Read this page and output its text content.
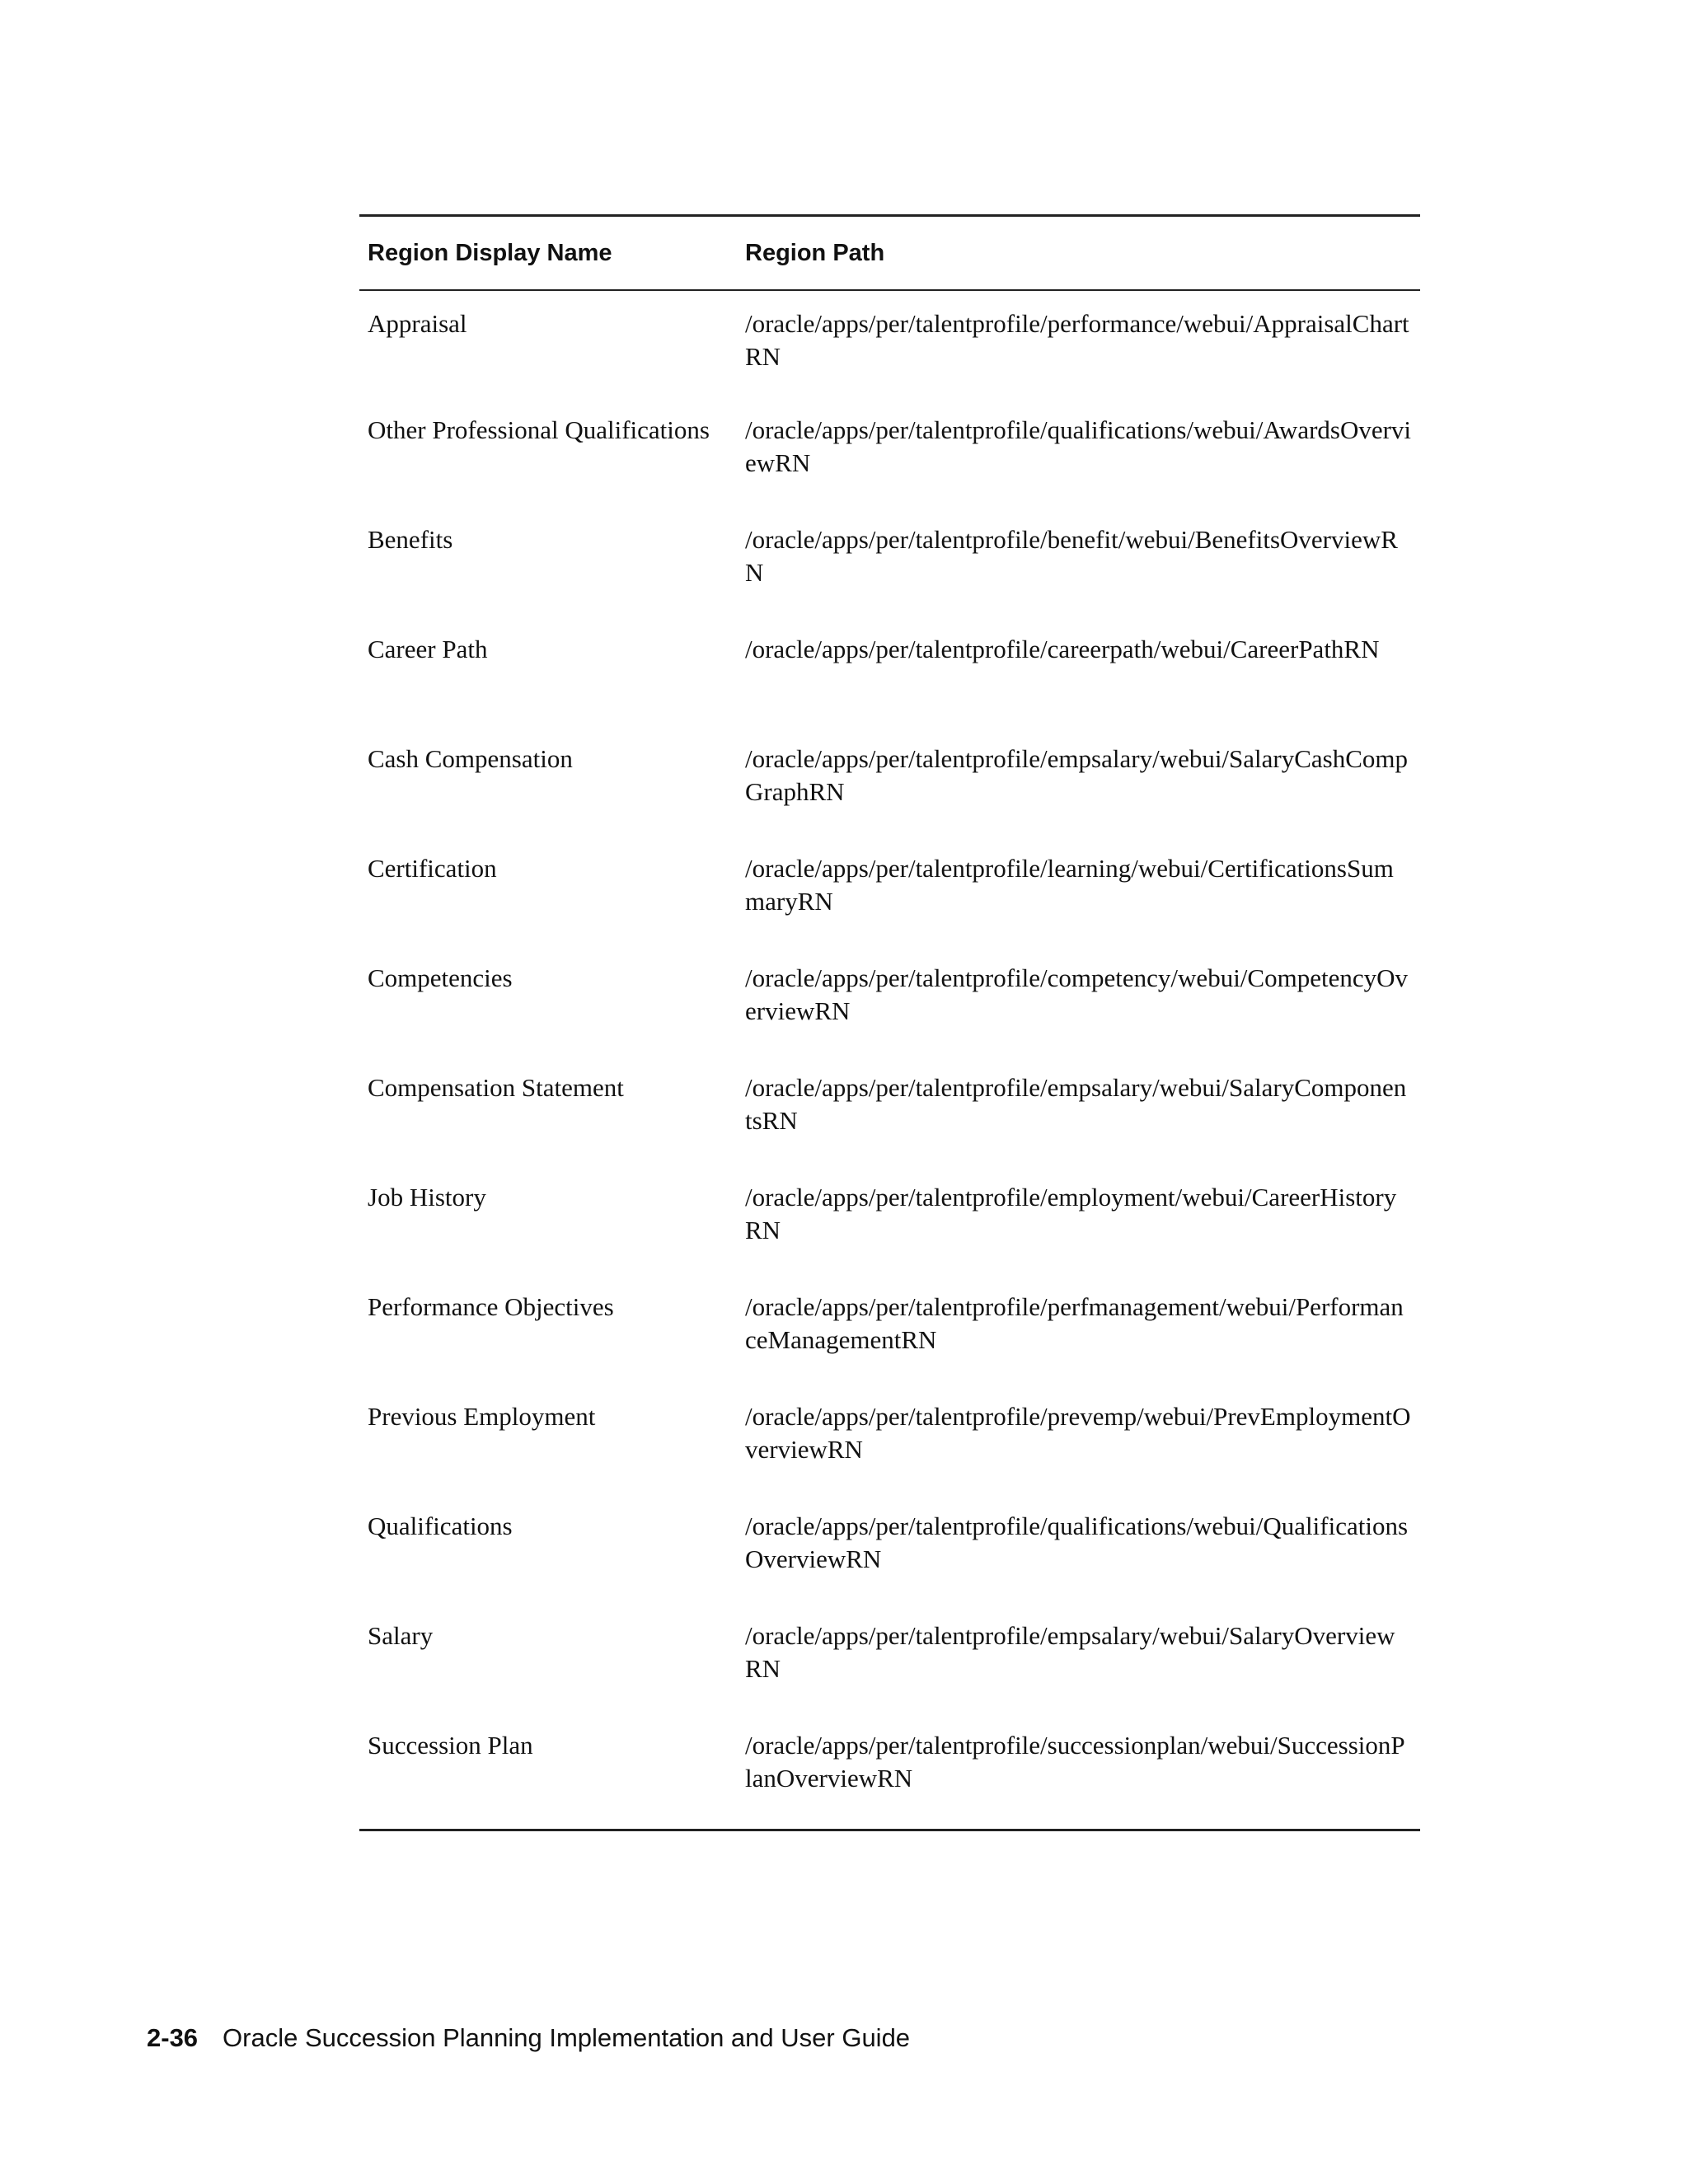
Region Display Name	Region Path
Appraisal	/oracle/apps/per/talentprofile/performance/webui/AppraisalChartRN
Other Professional Qualifications	/oracle/apps/per/talentprofile/qualifications/webui/AwardsOverviewRN
Benefits	/oracle/apps/per/talentprofile/benefit/webui/BenefitsOverviewRN
Career Path	/oracle/apps/per/talentprofile/careerpath/webui/CareerPathRN
Cash Compensation	/oracle/apps/per/talentprofile/empsalary/webui/SalaryCashCompGraphRN
Certification	/oracle/apps/per/talentprofile/learning/webui/CertificationsSummaryRN
Competencies	/oracle/apps/per/talentprofile/competency/webui/CompetencyOverviewRN
Compensation Statement	/oracle/apps/per/talentprofile/empsalary/webui/SalaryComponentsRN
Job History	/oracle/apps/per/talentprofile/employment/webui/CareerHistoryRN
Performance Objectives	/oracle/apps/per/talentprofile/perfmanagement/webui/PerformanceManagementRN
Previous Employment	/oracle/apps/per/talentprofile/prevemp/webui/PrevEmploymentOverviewRN
Qualifications	/oracle/apps/per/talentprofile/qualifications/webui/QualificationsOverviewRN
Salary	/oracle/apps/per/talentprofile/empsalary/webui/SalaryOverviewRN
Succession Plan	/oracle/apps/per/talentprofile/successionplan/webui/SuccessionPlanOverviewRN
2-36 Oracle Succession Planning Implementation and User Guide
